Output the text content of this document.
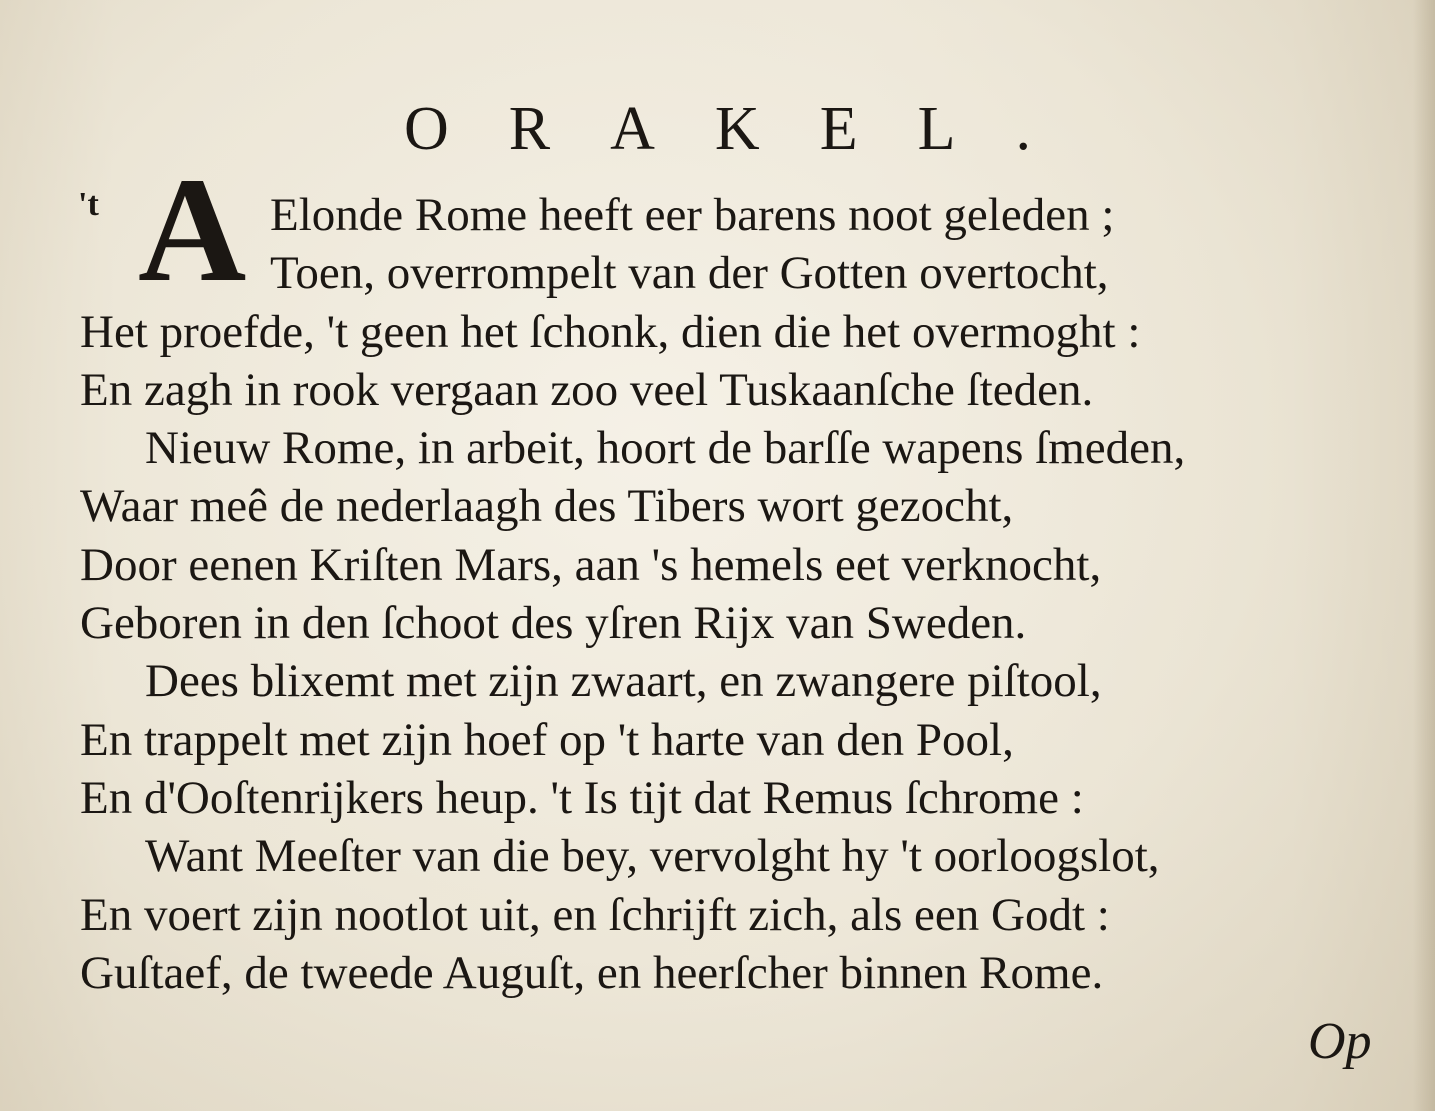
ORAKEL.
't A Elonde Rome heeft eer barens noot geleden ;
Toen, overrompelt van der Gotten overtocht,
Het proefde, 't geen het ſchonk, dien die het overmoght :
En zagh in rook vergaan zoo veel Tuskaanſche ſteden.
Nieuw Rome, in arbeit, hoort de barſſe wapens ſmeden,
Waar meê de nederlaagh des Tibers wort gezocht,
Door eenen Kriſten Mars, aan 's hemels eet verknocht,
Geboren in den ſchoot des yſren Rijx van Sweden.
Dees blixemt met zijn zwaart, en zwangere piſtool,
En trappelt met zijn hoef op 't harte van den Pool,
En d'Ooſtenrijkers heup. 't Is tijt dat Remus ſchrome :
Want Meeſter van die bey, vervolght hy 't oorloogslot,
En voert zijn nootlot uit, en ſchrijft zich, als een Godt :
Guſtaef, de tweede Auguſt, en heerſcher binnen Rome.
Op
